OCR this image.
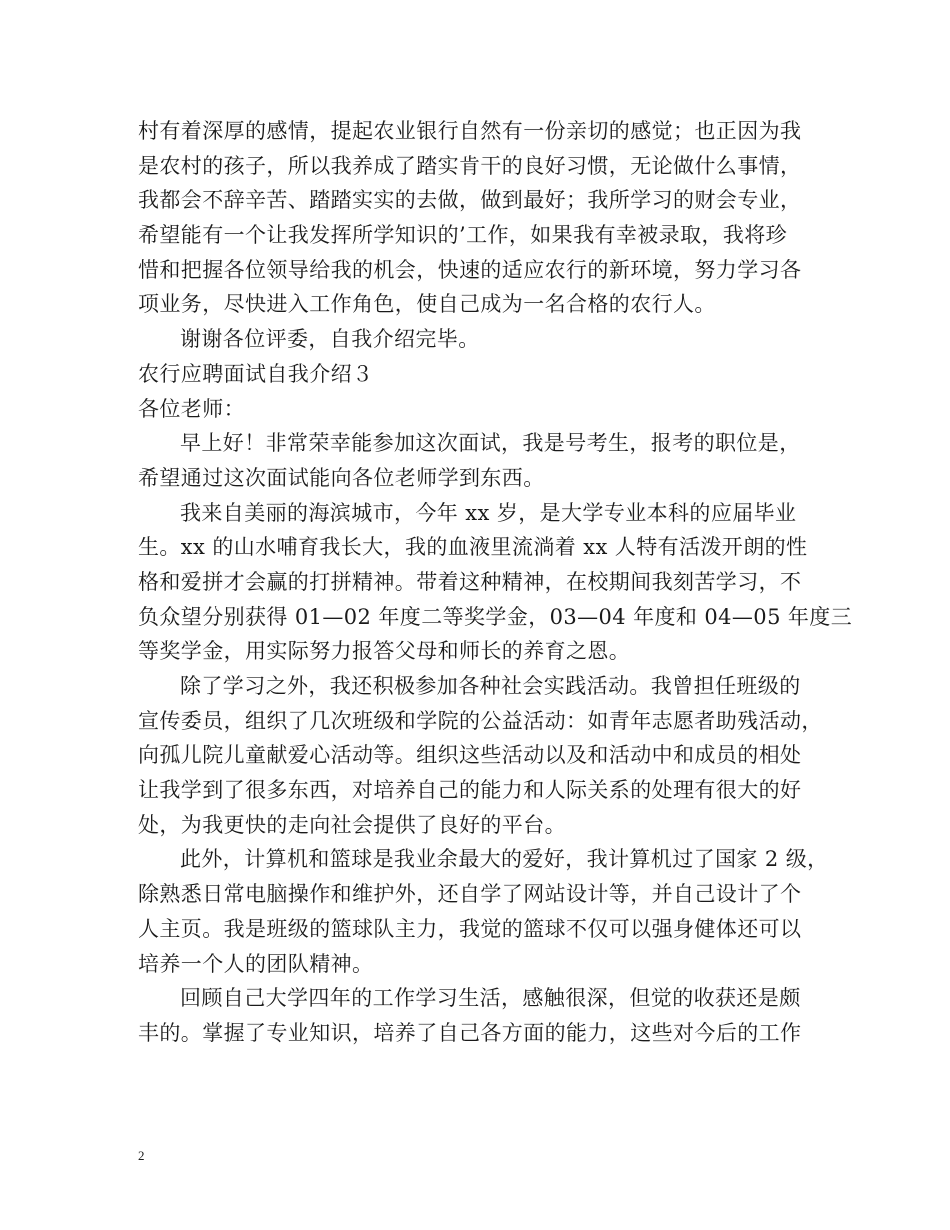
村有着深厚的感情，提起农业银行自然有一份亲切的感觉；也正因为我
是农村的孩子，所以我养成了踏实肯干的良好习惯，无论做什么事情，
我都会不辞辛苦、踏踏实实的去做，做到最好；我所学习的财会专业，
希望能有一个让我发挥所学知识的’工作，如果我有幸被录取，我将珍
惜和把握各位领导给我的机会，快速的适应农行的新环境，努力学习各
项业务，尽快进入工作角色，使自己成为一名合格的农行人。
谢谢各位评委，自我介绍完毕。
农行应聘面试自我介绍３
各位老师：
早上好！非常荣幸能参加这次面试，我是号考生，报考的职位是，
希望通过这次面试能向各位老师学到东西。
我来自美丽的海滨城市，今年 xx 岁，是大学专业本科的应届毕业
生。xx 的山水哺育我长大，我的血液里流淌着 xx 人特有活泼开朗的性
格和爱拼才会赢的打拼精神。带着这种精神，在校期间我刻苦学习，不
负众望分别获得 01—02 年度二等奖学金，03—04 年度和 04—05 年度三
等奖学金，用实际努力报答父母和师长的养育之恩。
除了学习之外，我还积极参加各种社会实践活动。我曾担任班级的
宣传委员，组织了几次班级和学院的公益活动：如青年志愿者助残活动，
向孤儿院儿童献爱心活动等。组织这些活动以及和活动中和成员的相处
让我学到了很多东西，对培养自己的能力和人际关系的处理有很大的好
处，为我更快的走向社会提供了良好的平台。
此外，计算机和篮球是我业余最大的爱好，我计算机过了国家 2 级，
除熟悉日常电脑操作和维护外，还自学了网站设计等，并自己设计了个
人主页。我是班级的篮球队主力，我觉的篮球不仅可以强身健体还可以
培养一个人的团队精神。
回顾自己大学四年的工作学习生活，感触很深，但觉的收获还是颇
丰的。掌握了专业知识，培养了自己各方面的能力，这些对今后的工作
2
